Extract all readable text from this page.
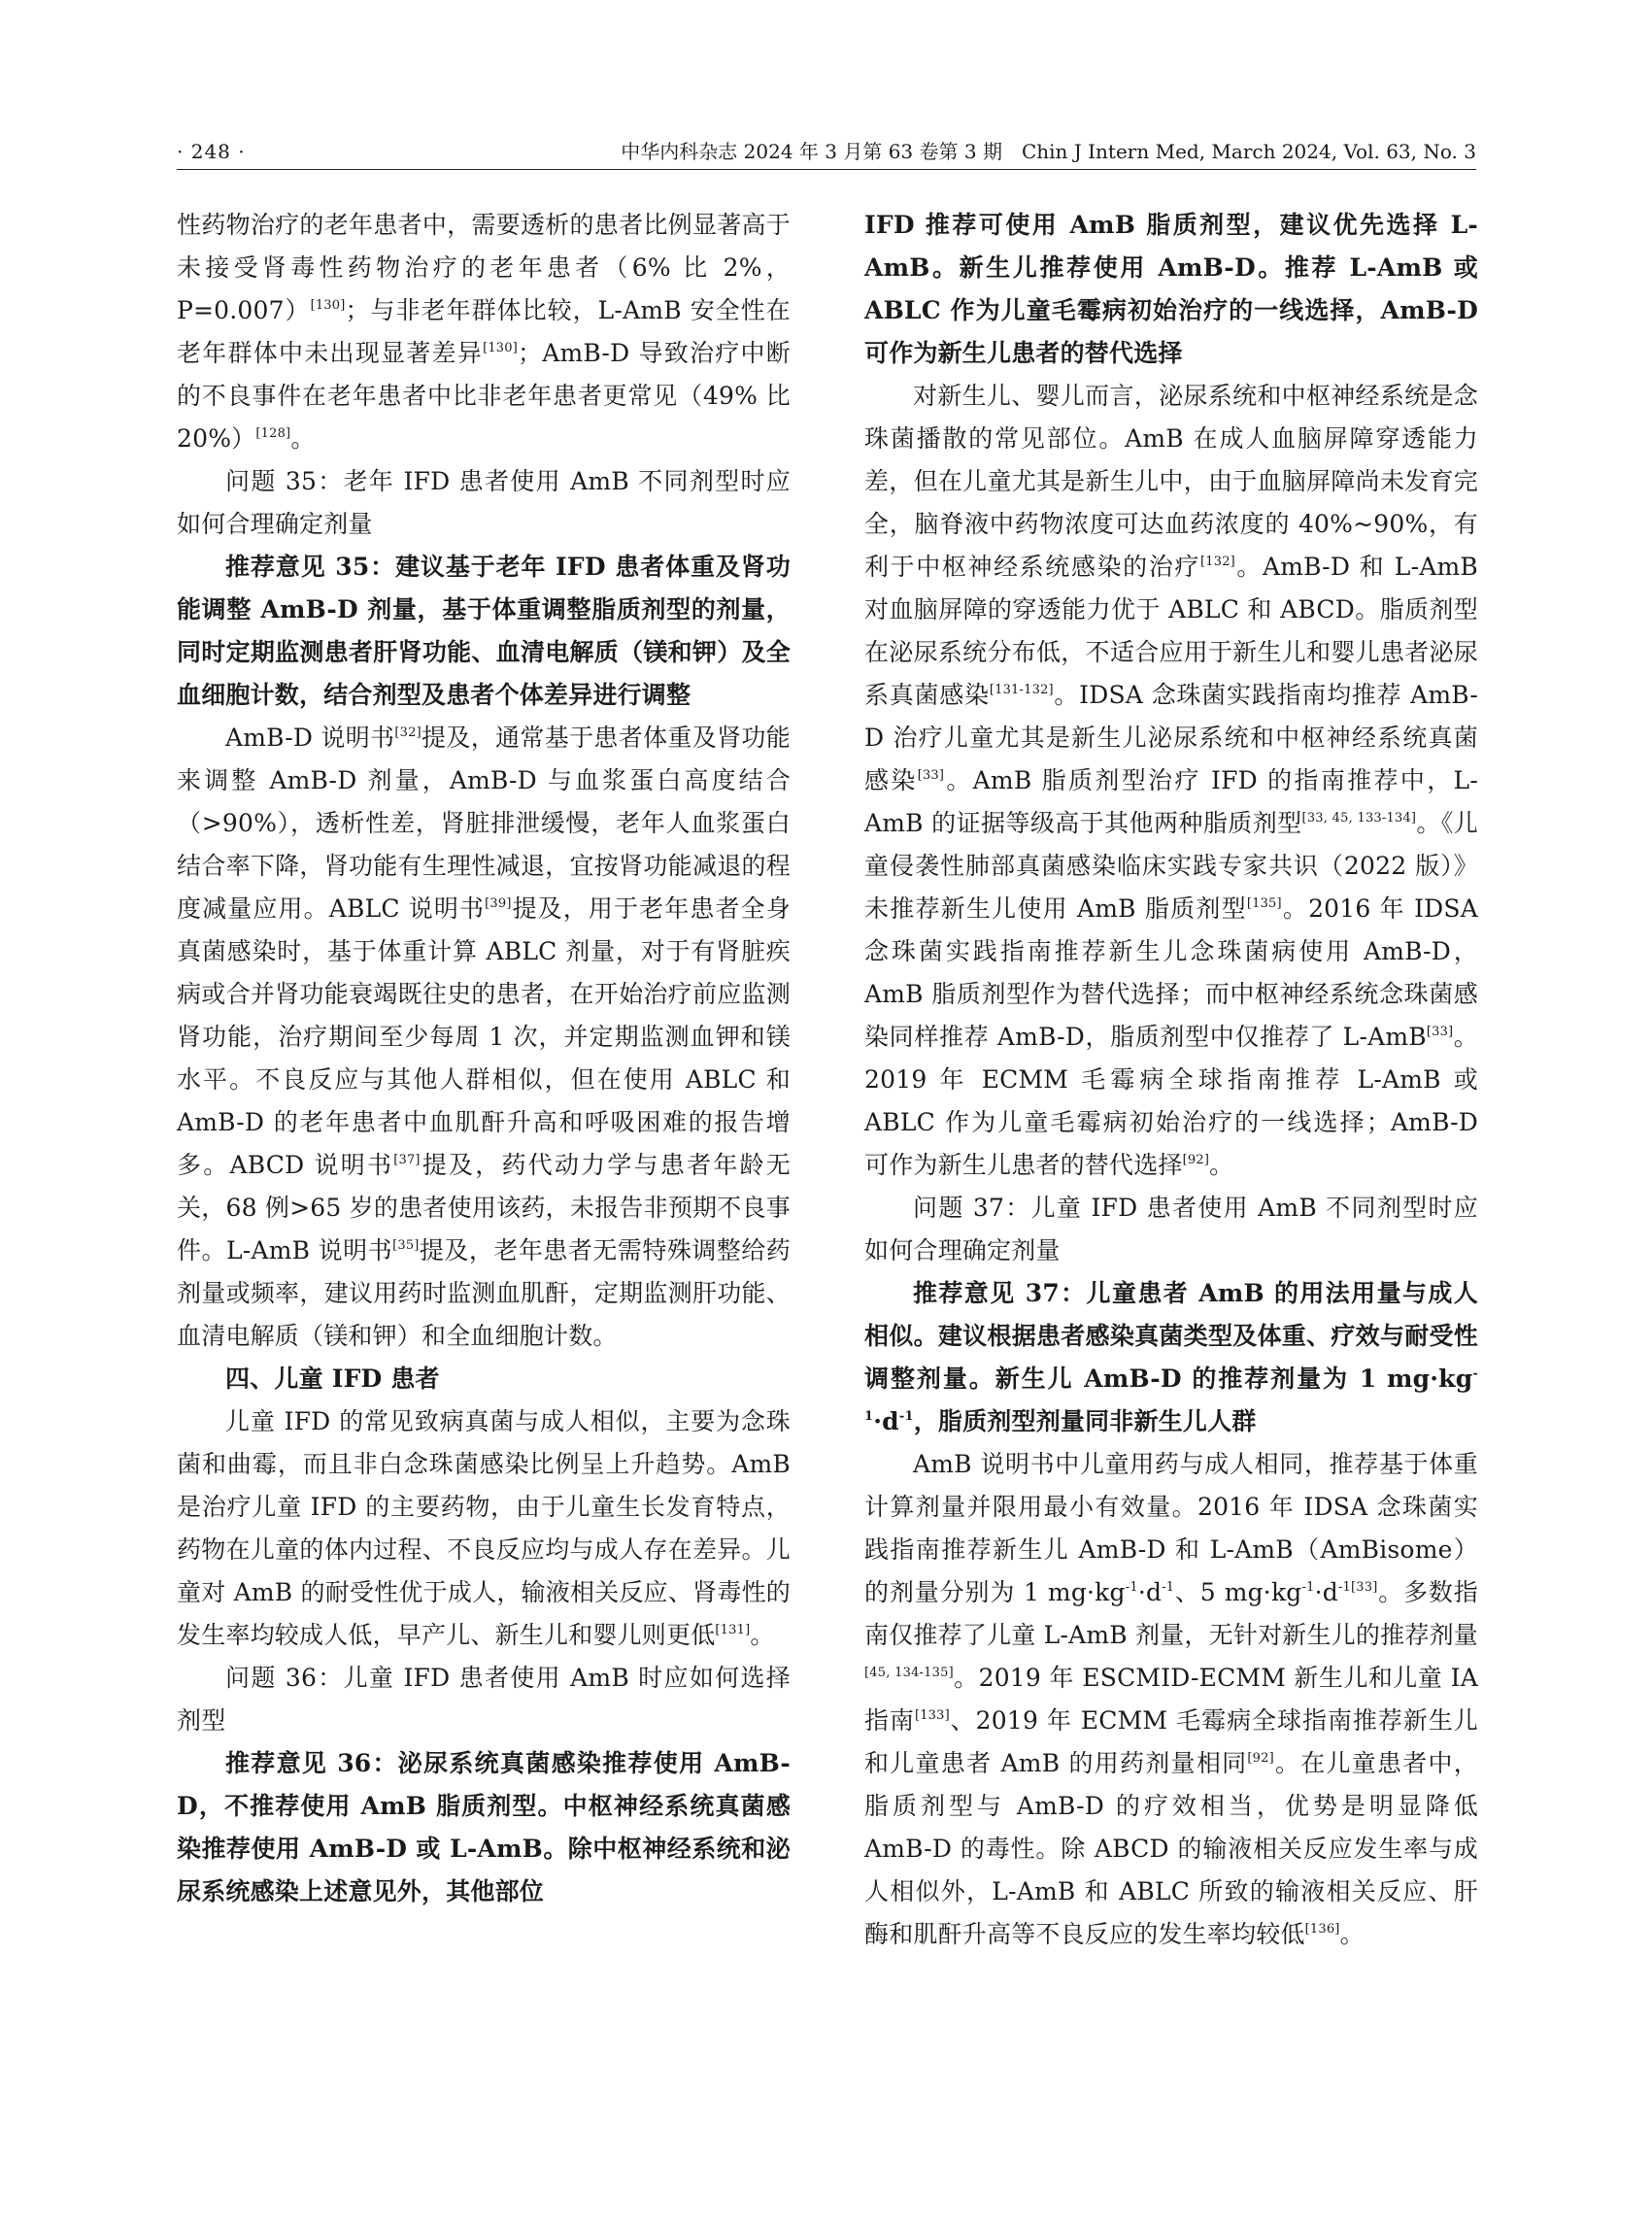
· 248 ·	中华内科杂志 2024 年 3 月第 63 卷第 3 期　Chin J Intern Med, March 2024, Vol. 63, No. 3

性药物治疗的老年患者中，需要透析的患者比例显著高于未接受肾毒性药物治疗的老年患者（6% 比 2%，P=0.007）[130]；与非老年群体比较，L-AmB 安全性在老年群体中未出现显著差异[130]；AmB-D 导致治疗中断的不良事件在老年患者中比非老年患者更常见（49% 比 20%）[128]。

问题 35：老年 IFD 患者使用 AmB 不同剂型时应如何合理确定剂量

推荐意见 35：建议基于老年 IFD 患者体重及肾功能调整 AmB-D 剂量，基于体重调整脂质剂型的剂量，同时定期监测患者肝肾功能、血清电解质（镁和钾）及全血细胞计数，结合剂型及患者个体差异进行调整

AmB-D 说明书[32]提及，通常基于患者体重及肾功能来调整 AmB-D 剂量，AmB-D 与血浆蛋白高度结合（>90%），透析性差，肾脏排泄缓慢，老年人血浆蛋白结合率下降，肾功能有生理性减退，宜按肾功能减退的程度减量应用。ABLC 说明书[39]提及，用于老年患者全身真菌感染时，基于体重计算 ABLC 剂量，对于有肾脏疾病或合并肾功能衰竭既往史的患者，在开始治疗前应监测肾功能，治疗期间至少每周 1 次，并定期监测血钾和镁水平。不良反应与其他人群相似，但在使用 ABLC 和 AmB-D 的老年患者中血肌酐升高和呼吸困难的报告增多。ABCD 说明书[37]提及，药代动力学与患者年龄无关，68 例>65 岁的患者使用该药，未报告非预期不良事件。L-AmB 说明书[35]提及，老年患者无需特殊调整给药剂量或频率，建议用药时监测血肌酐，定期监测肝功能、血清电解质（镁和钾）和全血细胞计数。

四、儿童 IFD 患者

儿童 IFD 的常见致病真菌与成人相似，主要为念珠菌和曲霉，而且非白念珠菌感染比例呈上升趋势。AmB 是治疗儿童 IFD 的主要药物，由于儿童生长发育特点，药物在儿童的体内过程、不良反应均与成人存在差异。儿童对 AmB 的耐受性优于成人，输液相关反应、肾毒性的发生率均较成人低，早产儿、新生儿和婴儿则更低[131]。

问题 36：儿童 IFD 患者使用 AmB 时应如何选择剂型

推荐意见 36：泌尿系统真菌感染推荐使用 AmB-D，不推荐使用 AmB 脂质剂型。中枢神经系统真菌感染推荐使用 AmB-D 或 L-AmB。除中枢神经系统和泌尿系统感染上述意见外，其他部位

IFD 推荐可使用 AmB 脂质剂型，建议优先选择 L-AmB。新生儿推荐使用 AmB-D。推荐 L-AmB 或 ABLC 作为儿童毛霉病初始治疗的一线选择，AmB-D 可作为新生儿患者的替代选择

对新生儿、婴儿而言，泌尿系统和中枢神经系统是念珠菌播散的常见部位。AmB 在成人血脑屏障穿透能力差，但在儿童尤其是新生儿中，由于血脑屏障尚未发育完全，脑脊液中药物浓度可达血药浓度的 40%~90%，有利于中枢神经系统感染的治疗[132]。AmB-D 和 L-AmB 对血脑屏障的穿透能力优于 ABLC 和 ABCD。脂质剂型在泌尿系统分布低，不适合应用于新生儿和婴儿患者泌尿系真菌感染[131-132]。IDSA 念珠菌实践指南均推荐 AmB-D 治疗儿童尤其是新生儿泌尿系统和中枢神经系统真菌感染[33]。AmB 脂质剂型治疗 IFD 的指南推荐中，L-AmB 的证据等级高于其他两种脂质剂型[33, 45, 133-134]。《儿童侵袭性肺部真菌感染临床实践专家共识（2022 版）》未推荐新生儿使用 AmB 脂质剂型[135]。2016 年 IDSA 念珠菌实践指南推荐新生儿念珠菌病使用 AmB-D，AmB 脂质剂型作为替代选择；而中枢神经系统念珠菌感染同样推荐 AmB-D，脂质剂型中仅推荐了 L-AmB[33]。2019 年 ECMM 毛霉病全球指南推荐 L-AmB 或 ABLC 作为儿童毛霉病初始治疗的一线选择；AmB-D 可作为新生儿患者的替代选择[92]。

问题 37：儿童 IFD 患者使用 AmB 不同剂型时应如何合理确定剂量

推荐意见 37：儿童患者 AmB 的用法用量与成人相似。建议根据患者感染真菌类型及体重、疗效与耐受性调整剂量。新生儿 AmB-D 的推荐剂量为 1 $mg\cdot kg^{-1}\cdot d^{-1}$，脂质剂型剂量同非新生儿人群

AmB 说明书中儿童用药与成人相同，推荐基于体重计算剂量并限用最小有效量。2016 年 IDSA 念珠菌实践指南推荐新生儿 AmB-D 和 L-AmB（AmBisome）的剂量分别为 1 $mg\cdot kg^{-1}\cdot d^{-1}$、5 $mg\cdot kg^{-1}\cdot d^{-1[33]}$。多数指南仅推荐了儿童 L-AmB 剂量，无针对新生儿的推荐剂量[45, 134-135]。2019 年 ESCMID-ECMM 新生儿和儿童 IA 指南[133]、2019 年 ECMM 毛霉病全球指南推荐新生儿和儿童患者 AmB 的用药剂量相同[92]。在儿童患者中，脂质剂型与 AmB-D 的疗效相当，优势是明显降低 AmB-D 的毒性。除 ABCD 的输液相关反应发生率与成人相似外，L-AmB 和 ABLC 所致的输液相关反应、肝酶和肌酐升高等不良反应的发生率均较低[136]。
